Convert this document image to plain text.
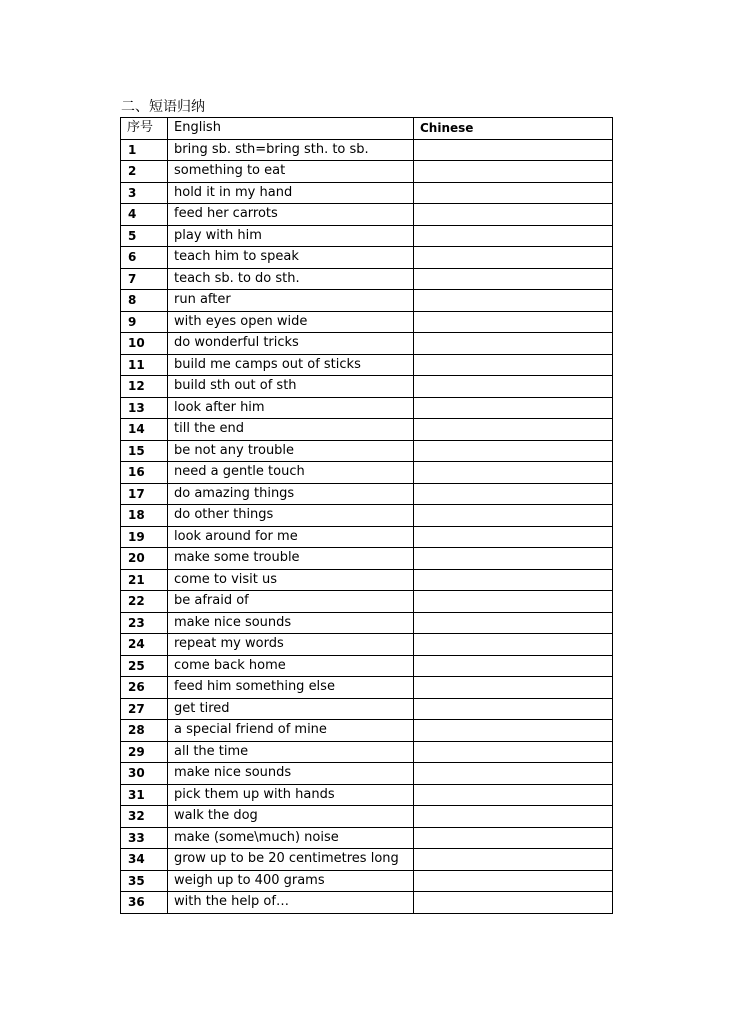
二、短语归纳
序号	English	Chinese
1	bring sb. sth=bring sth. to sb.	
2	something to eat	
3	hold it in my hand	
4	feed her carrots	
5	play with him	
6	teach him to speak	
7	teach sb. to do sth.	
8	run after	
9	with eyes open wide	
10	do wonderful tricks	
11	build me camps out of sticks	
12	build sth out of sth	
13	look after him	
14	till the end	
15	be not any trouble	
16	need a gentle touch	
17	do amazing things	
18	do other things	
19	look around for me	
20	make some trouble	
21	come to visit us	
22	be afraid of	
23	make nice sounds	
24	repeat my words	
25	come back home	
26	feed him something else	
27	get tired	
28	a special friend of mine	
29	all the time	
30	make nice sounds	
31	pick them up with hands	
32	walk the dog	
33	make (some\much) noise	
34	grow up to be 20 centimetres long	
35	weigh up to 400 grams	
36	with the help of…	
